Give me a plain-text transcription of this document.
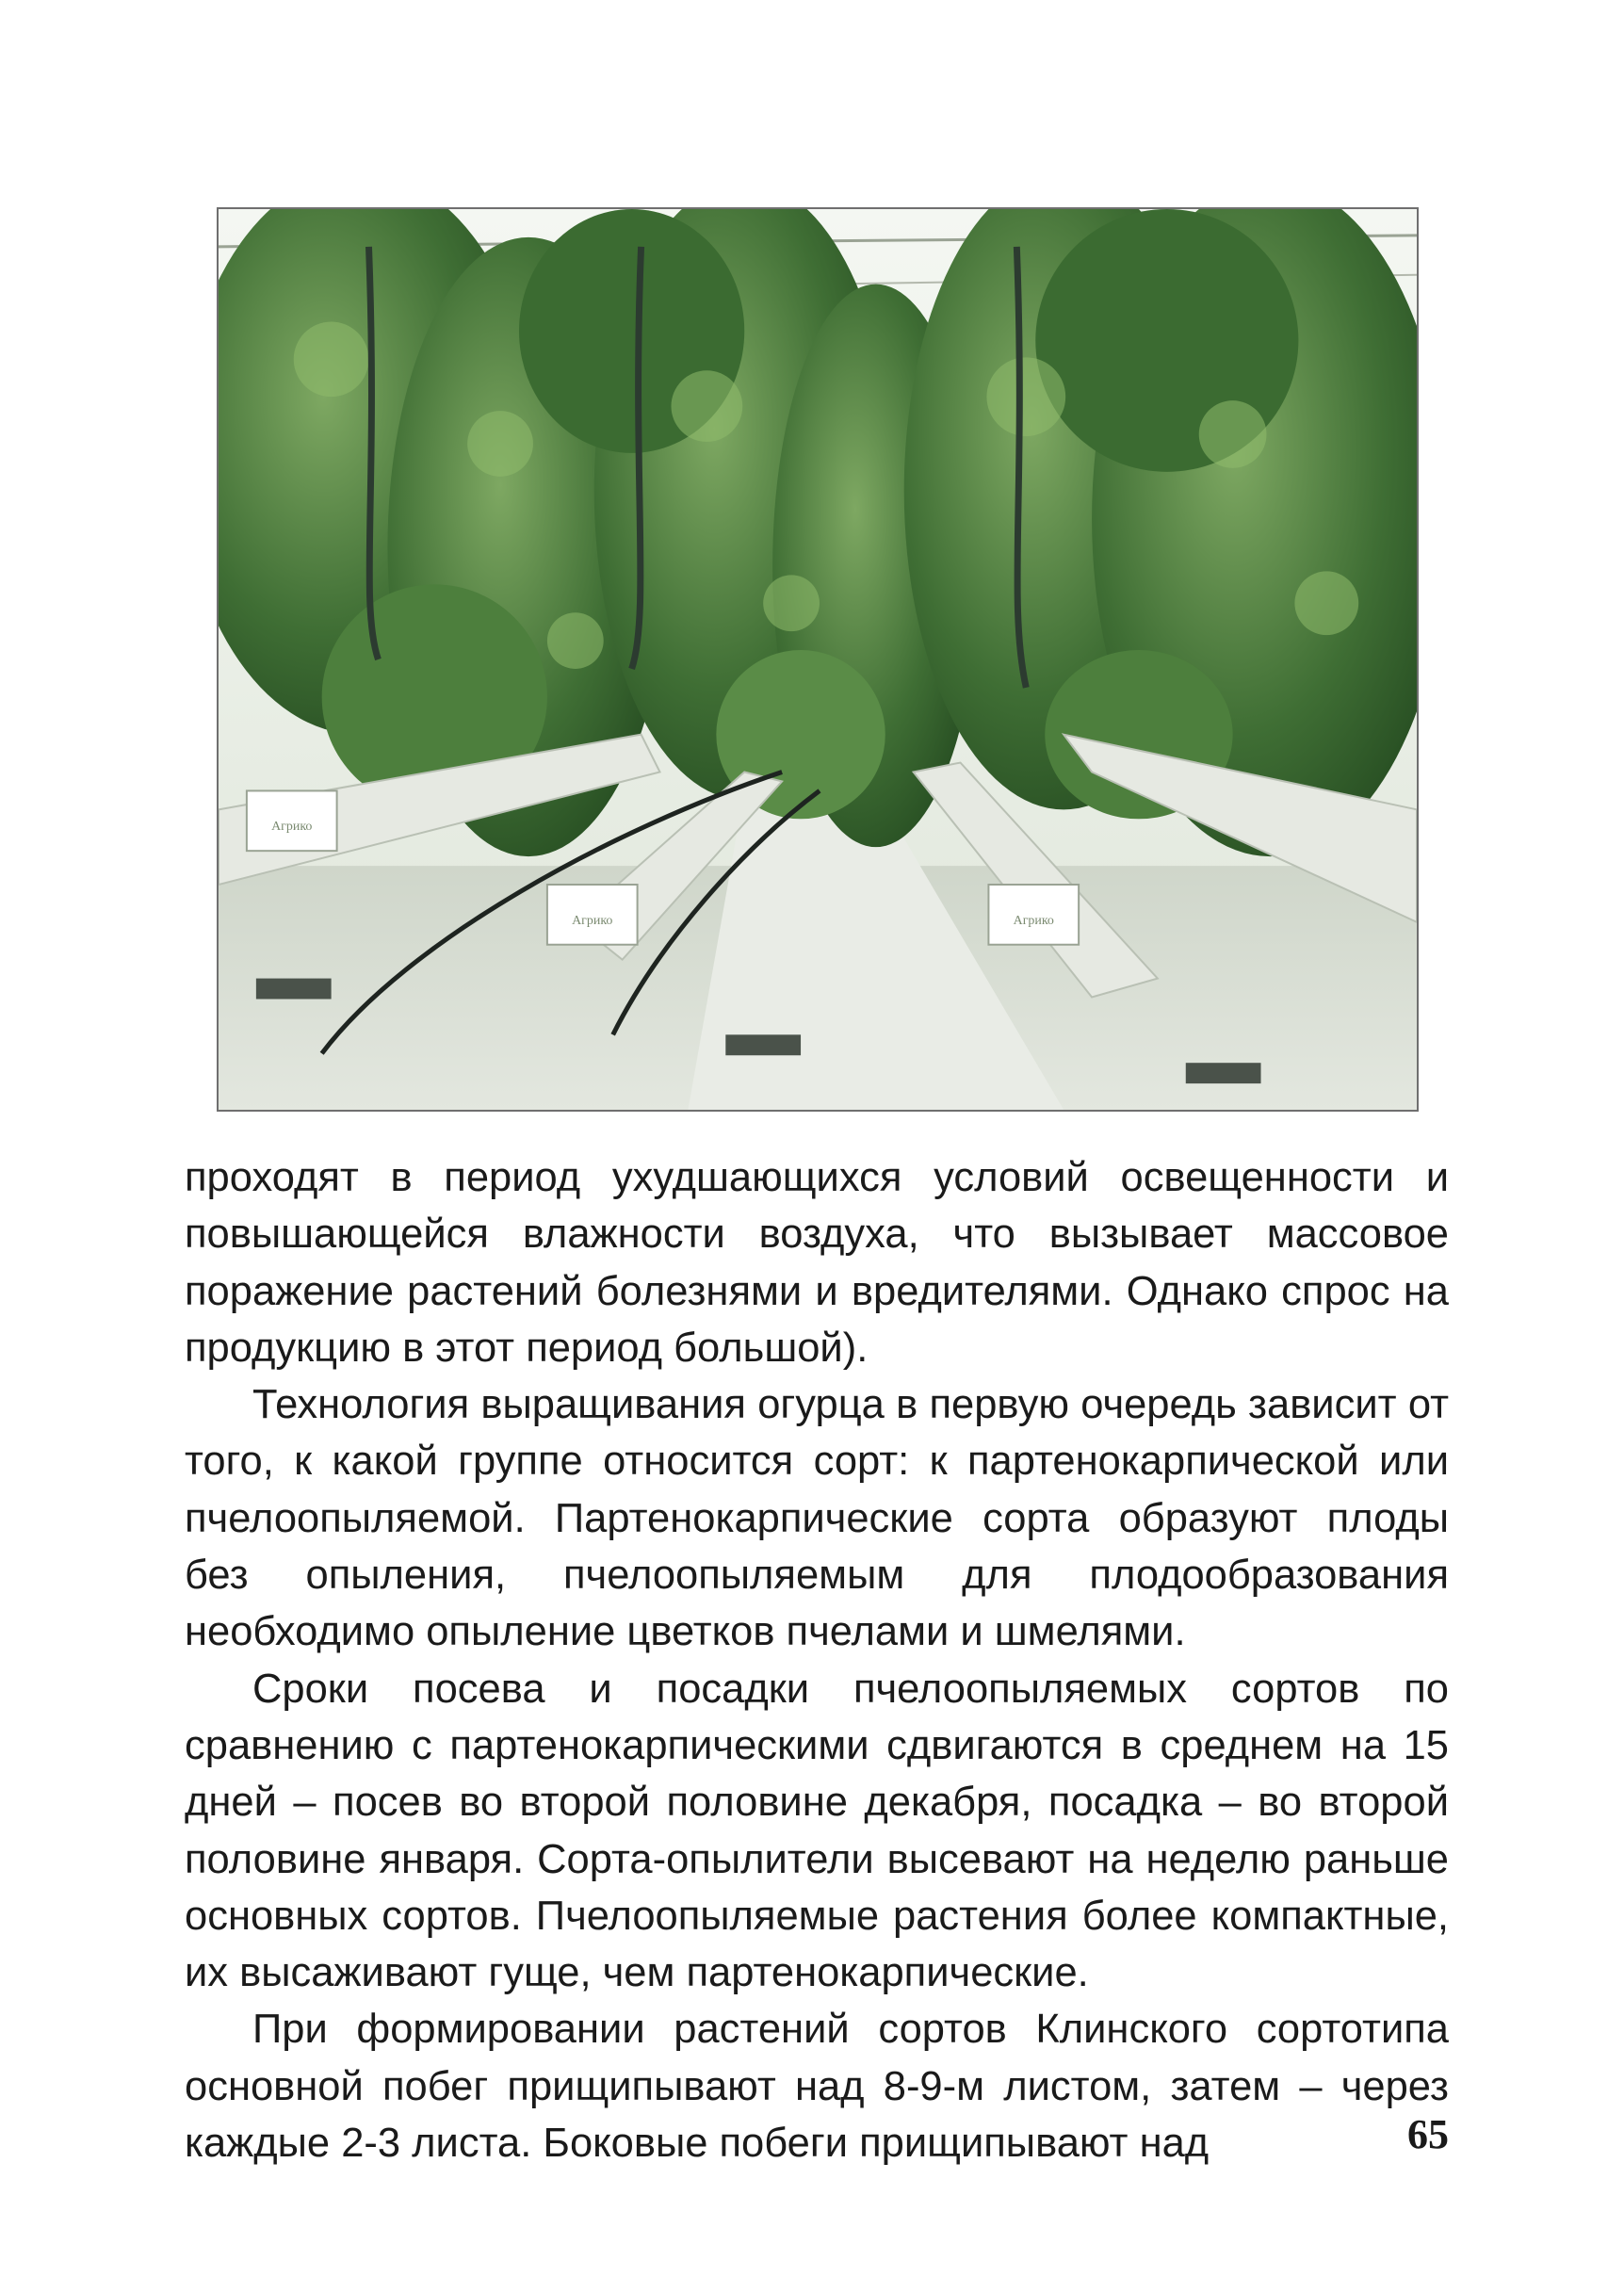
Агрико
Агрико	Агрико

проходят в период ухудшающихся условий освещенности и повышающейся влажности воздуха, что вызывает массовое поражение растений болезнями и вредителями. Однако спрос на продукцию в этот период большой).

Технология выращивания огурца в первую очередь зависит от того, к какой группе относится сорт: к партенокарпической или пчелоопыляемой. Партенокарпические сорта образуют плоды без опыления, пчелоопыляемым для плодообразования необходимо опыление цветков пчелами и шмелями.

Сроки посева и посадки пчелоопыляемых сортов по сравнению с партенокарпическими сдвигаются в среднем на 15 дней – посев во второй половине декабря, посадка – во второй половине января. Сорта-опылители высевают на неделю раньше основных сортов. Пчелоопыляемые растения более компактные, их высаживают гуще, чем партенокарпические.

При формировании растений сортов Клинского сортотипа основной побег прищипывают над 8-9-м листом, затем – через каждые 2-3 листа. Боковые побеги прищипывают над	65
